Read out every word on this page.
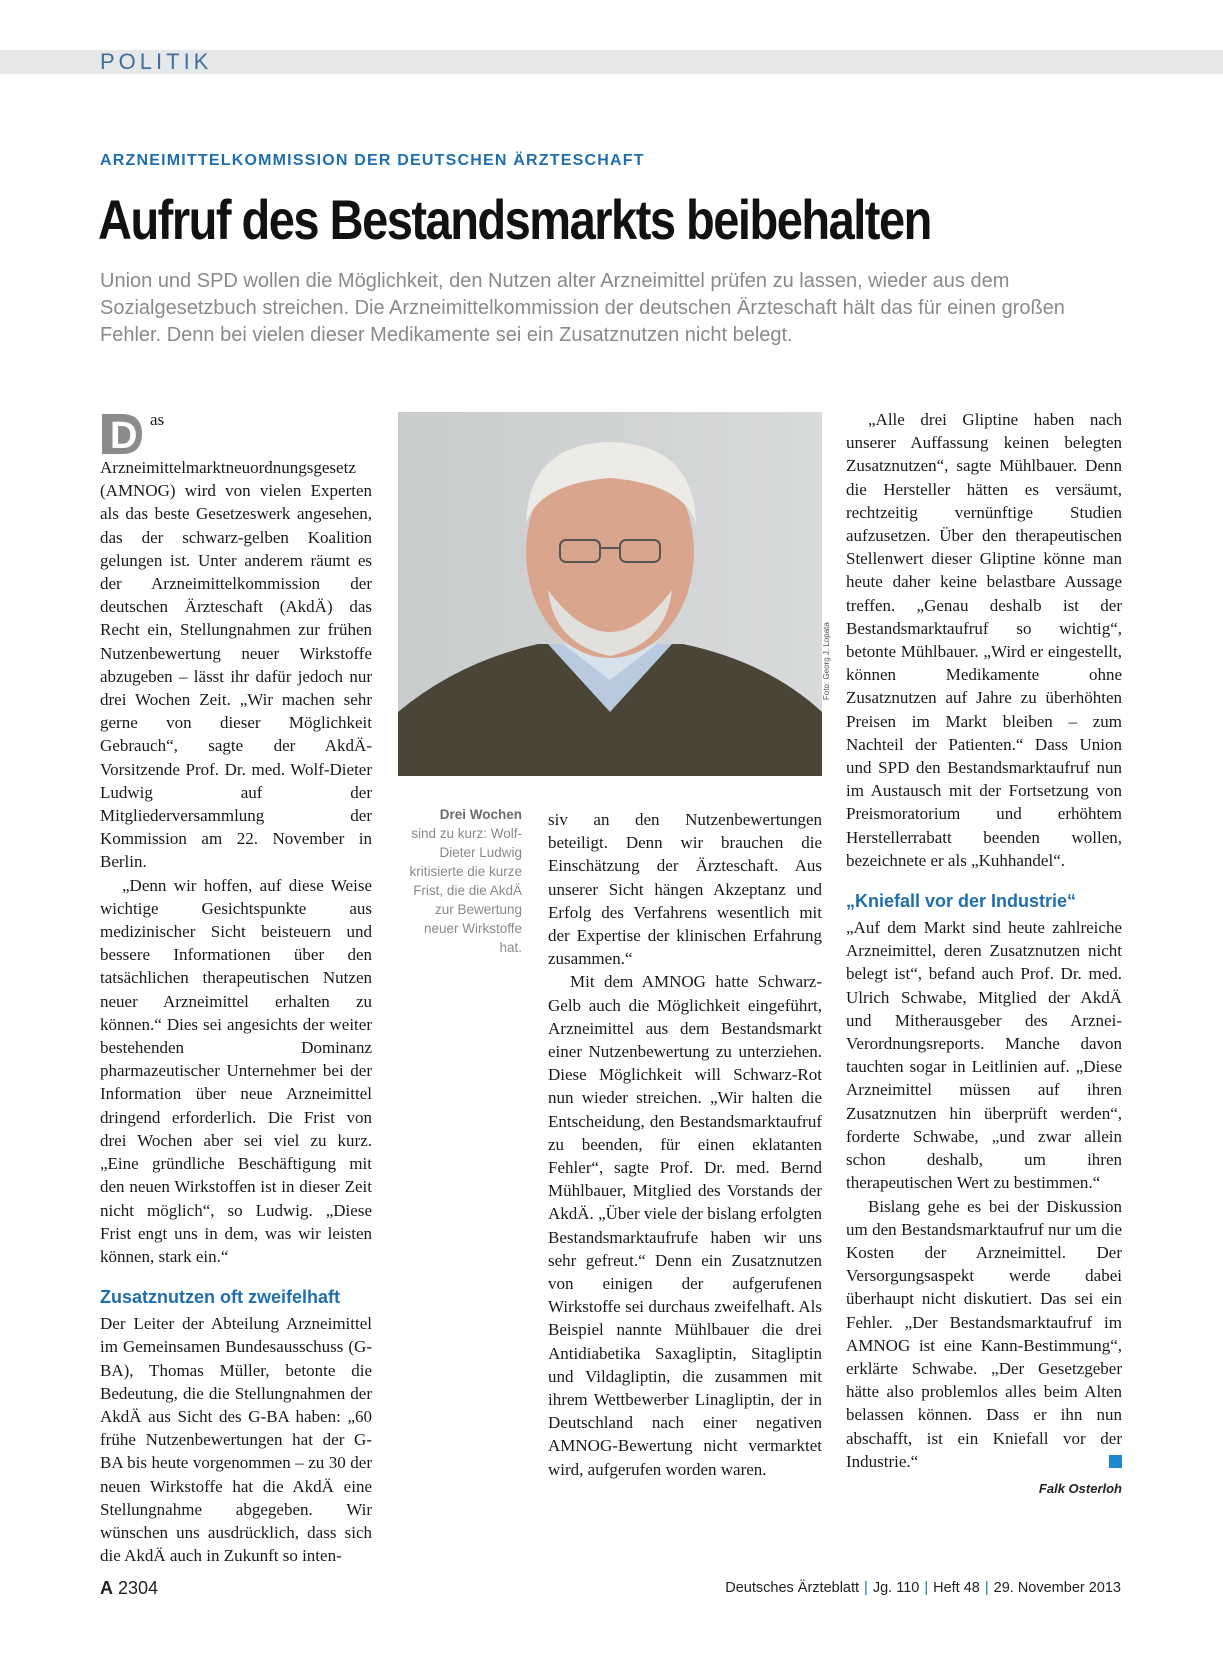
POLITIK
ARZNEIMITTELKOMMISSION DER DEUTSCHEN ÄRZTESCHAFT
Aufruf des Bestandsmarkts beibehalten

Union und SPD wollen die Möglichkeit, den Nutzen alter Arzneimittel prüfen zu lassen, wieder aus dem Sozialgesetzbuch streichen. Die Arzneimittelkommission der deutschen Ärzteschaft hält das für einen großen Fehler. Denn bei vielen dieser Medikamente sei ein Zusatznutzen nicht belegt.

D as Arzneimittelmarktneuordnungsgesetz (AMNOG) wird von vielen Experten als das beste Gesetzeswerk angesehen, das der schwarz-gelben Koalition gelungen ist. Unter anderem räumt es der Arzneimittelkommission der deutschen Ärzteschaft (AkdÄ) das Recht ein, Stellungnahmen zur frühen Nutzenbewertung neuer Wirkstoffe abzugeben – lässt ihr dafür jedoch nur drei Wochen Zeit. „Wir machen sehr gerne von dieser Möglichkeit Gebrauch“, sagte der AkdÄ-Vorsitzende Prof. Dr. med. Wolf-Dieter Ludwig auf der Mitgliederversammlung der Kommission am 22. November in Berlin.

„Denn wir hoffen, auf diese Weise wichtige Gesichtspunkte aus medizinischer Sicht beisteuern und bessere Informationen über den tatsächlichen therapeutischen Nutzen neuer Arzneimittel erhalten zu können.“ Dies sei angesichts der weiter bestehenden Dominanz pharmazeutischer Unternehmer bei der Information über neue Arzneimittel dringend erforderlich. Die Frist von drei Wochen aber sei viel zu kurz. „Eine gründliche Beschäftigung mit den neuen Wirkstoffen ist in dieser Zeit nicht möglich“, so Ludwig. „Diese Frist engt uns in dem, was wir leisten können, stark ein.“

Zusatznutzen oft zweifelhaft

Der Leiter der Abteilung Arzneimittel im Gemeinsamen Bundesausschuss (G-BA), Thomas Müller, betonte die Bedeutung, die die Stellungnahmen der AkdÄ aus Sicht des G-BA haben: „60 frühe Nutzenbewertungen hat der G-BA bis heute vorgenommen – zu 30 der neuen Wirkstoffe hat die AkdÄ eine Stellungnahme abgegeben. Wir wünschen uns ausdrücklich, dass sich die AkdÄ auch in Zukunft so inten-

Foto: Georg J. Lopata
Drei Wochen
sind zu kurz: Wolf-Dieter Ludwig kritisierte die kurze Frist, die die AkdÄ zur Bewertung neuer Wirkstoffe hat.

siv an den Nutzenbewertungen beteiligt. Denn wir brauchen die Einschätzung der Ärzteschaft. Aus unserer Sicht hängen Akzeptanz und Erfolg des Verfahrens wesentlich mit der Expertise der klinischen Erfahrung zusammen.“

Mit dem AMNOG hatte Schwarz-Gelb auch die Möglichkeit eingeführt, Arzneimittel aus dem Bestandsmarkt einer Nutzenbewertung zu unterziehen. Diese Möglichkeit will Schwarz-Rot nun wieder streichen. „Wir halten die Entscheidung, den Bestandsmarktaufruf zu beenden, für einen eklatanten Fehler“, sagte Prof. Dr. med. Bernd Mühlbauer, Mitglied des Vorstands der AkdÄ. „Über viele der bislang erfolgten Bestandsmarktaufrufe haben wir uns sehr gefreut.“ Denn ein Zusatznutzen von einigen der aufgerufenen Wirkstoffe sei durchaus zweifelhaft. Als Beispiel nannte Mühlbauer die drei Antidiabetika Saxagliptin, Sitagliptin und Vildagliptin, die zusammen mit ihrem Wettbewerber Linagliptin, der in Deutschland nach einer negativen AMNOG-Bewertung nicht vermarktet wird, aufgerufen worden waren.

„Alle drei Gliptine haben nach unserer Auffassung keinen belegten Zusatznutzen“, sagte Mühlbauer. Denn die Hersteller hätten es versäumt, rechtzeitig vernünftige Studien aufzusetzen. Über den therapeutischen Stellenwert dieser Gliptine könne man heute daher keine belastbare Aussage treffen. „Genau deshalb ist der Bestandsmarktaufruf so wichtig“, betonte Mühlbauer. „Wird er eingestellt, können Medikamente ohne Zusatznutzen auf Jahre zu überhöhten Preisen im Markt bleiben – zum Nachteil der Patienten.“ Dass Union und SPD den Bestandsmarktaufruf nun im Austausch mit der Fortsetzung von Preismoratorium und erhöhtem Herstellerrabatt beenden wollen, bezeichnete er als „Kuhhandel“.

„Kniefall vor der Industrie“

„Auf dem Markt sind heute zahlreiche Arzneimittel, deren Zusatznutzen nicht belegt ist“, befand auch Prof. Dr. med. Ulrich Schwabe, Mitglied der AkdÄ und Mitherausgeber des Arznei-Verordnungsreports. Manche davon tauchten sogar in Leitlinien auf. „Diese Arzneimittel müssen auf ihren Zusatznutzen hin überprüft werden“, forderte Schwabe, „und zwar allein schon deshalb, um ihren therapeutischen Wert zu bestimmen.“

Bislang gehe es bei der Diskussion um den Bestandsmarktaufruf nur um die Kosten der Arzneimittel. Der Versorgungsaspekt werde dabei überhaupt nicht diskutiert. Das sei ein Fehler. „Der Bestandsmarktaufruf im AMNOG ist eine Kann-Bestimmung“, erklärte Schwabe. „Der Gesetzgeber hätte also problemlos alles beim Alten belassen können. Dass er ihn nun abschafft, ist ein Kniefall vor der Industrie.“

Falk Osterloh

A 2304	Deutsches Ärzteblatt | Jg. 110 | Heft 48 | 29. November 2013
